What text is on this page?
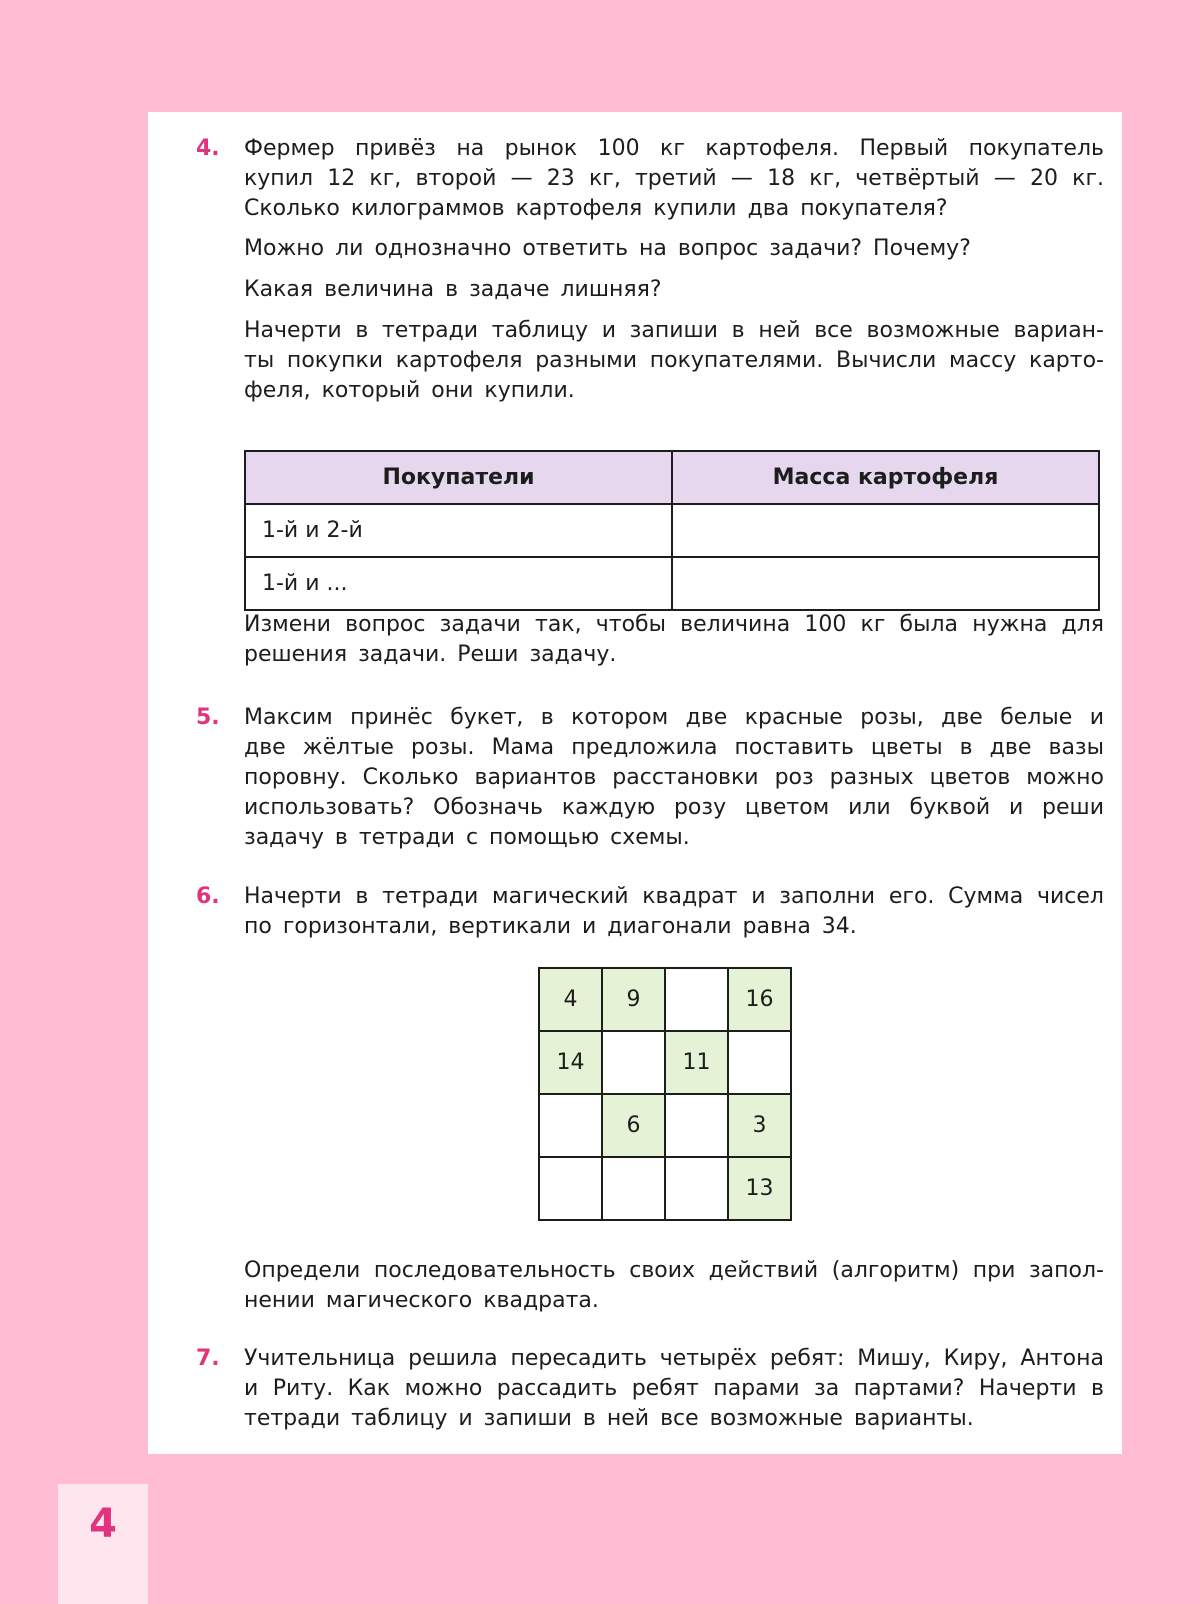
4. Фермер привёз на рынок 100 кг картофеля. Первый покупатель
купил 12 кг, второй — 23 кг, третий — 18 кг, четвёртый — 20 кг.
Сколько килограммов картофеля купили два покупателя?
Можно ли однозначно ответить на вопрос задачи? Почему?
Какая величина в задаче лишняя?
Начерти в тетради таблицу и запиши в ней все возможные вариан-
ты покупки картофеля разными покупателями. Вычисли массу карто-
феля, который они купили.
Покупатели	Масса картофеля
1-й и 2-й	
1-й и ...	
Измени вопрос задачи так, чтобы величина 100 кг была нужна для
решения задачи. Реши задачу.
5. Максим принёс букет, в котором две красные розы, две белые и
две жёлтые розы. Мама предложила поставить цветы в две вазы
поровну. Сколько вариантов расстановки роз разных цветов можно
использовать? Обозначь каждую розу цветом или буквой и реши
задачу в тетради с помощью схемы.
6. Начерти в тетради магический квадрат и заполни его. Сумма чисел
по горизонтали, вертикали и диагонали равна 34.
4	9		16
14		11	
	6		3
			13
Определи последовательность своих действий (алгоритм) при запол-
нении магического квадрата.
7. Учительница решила пересадить четырёх ребят: Мишу, Киру, Антона
и Риту. Как можно рассадить ребят парами за партами? Начерти в
тетради таблицу и запиши в ней все возможные варианты.
4
